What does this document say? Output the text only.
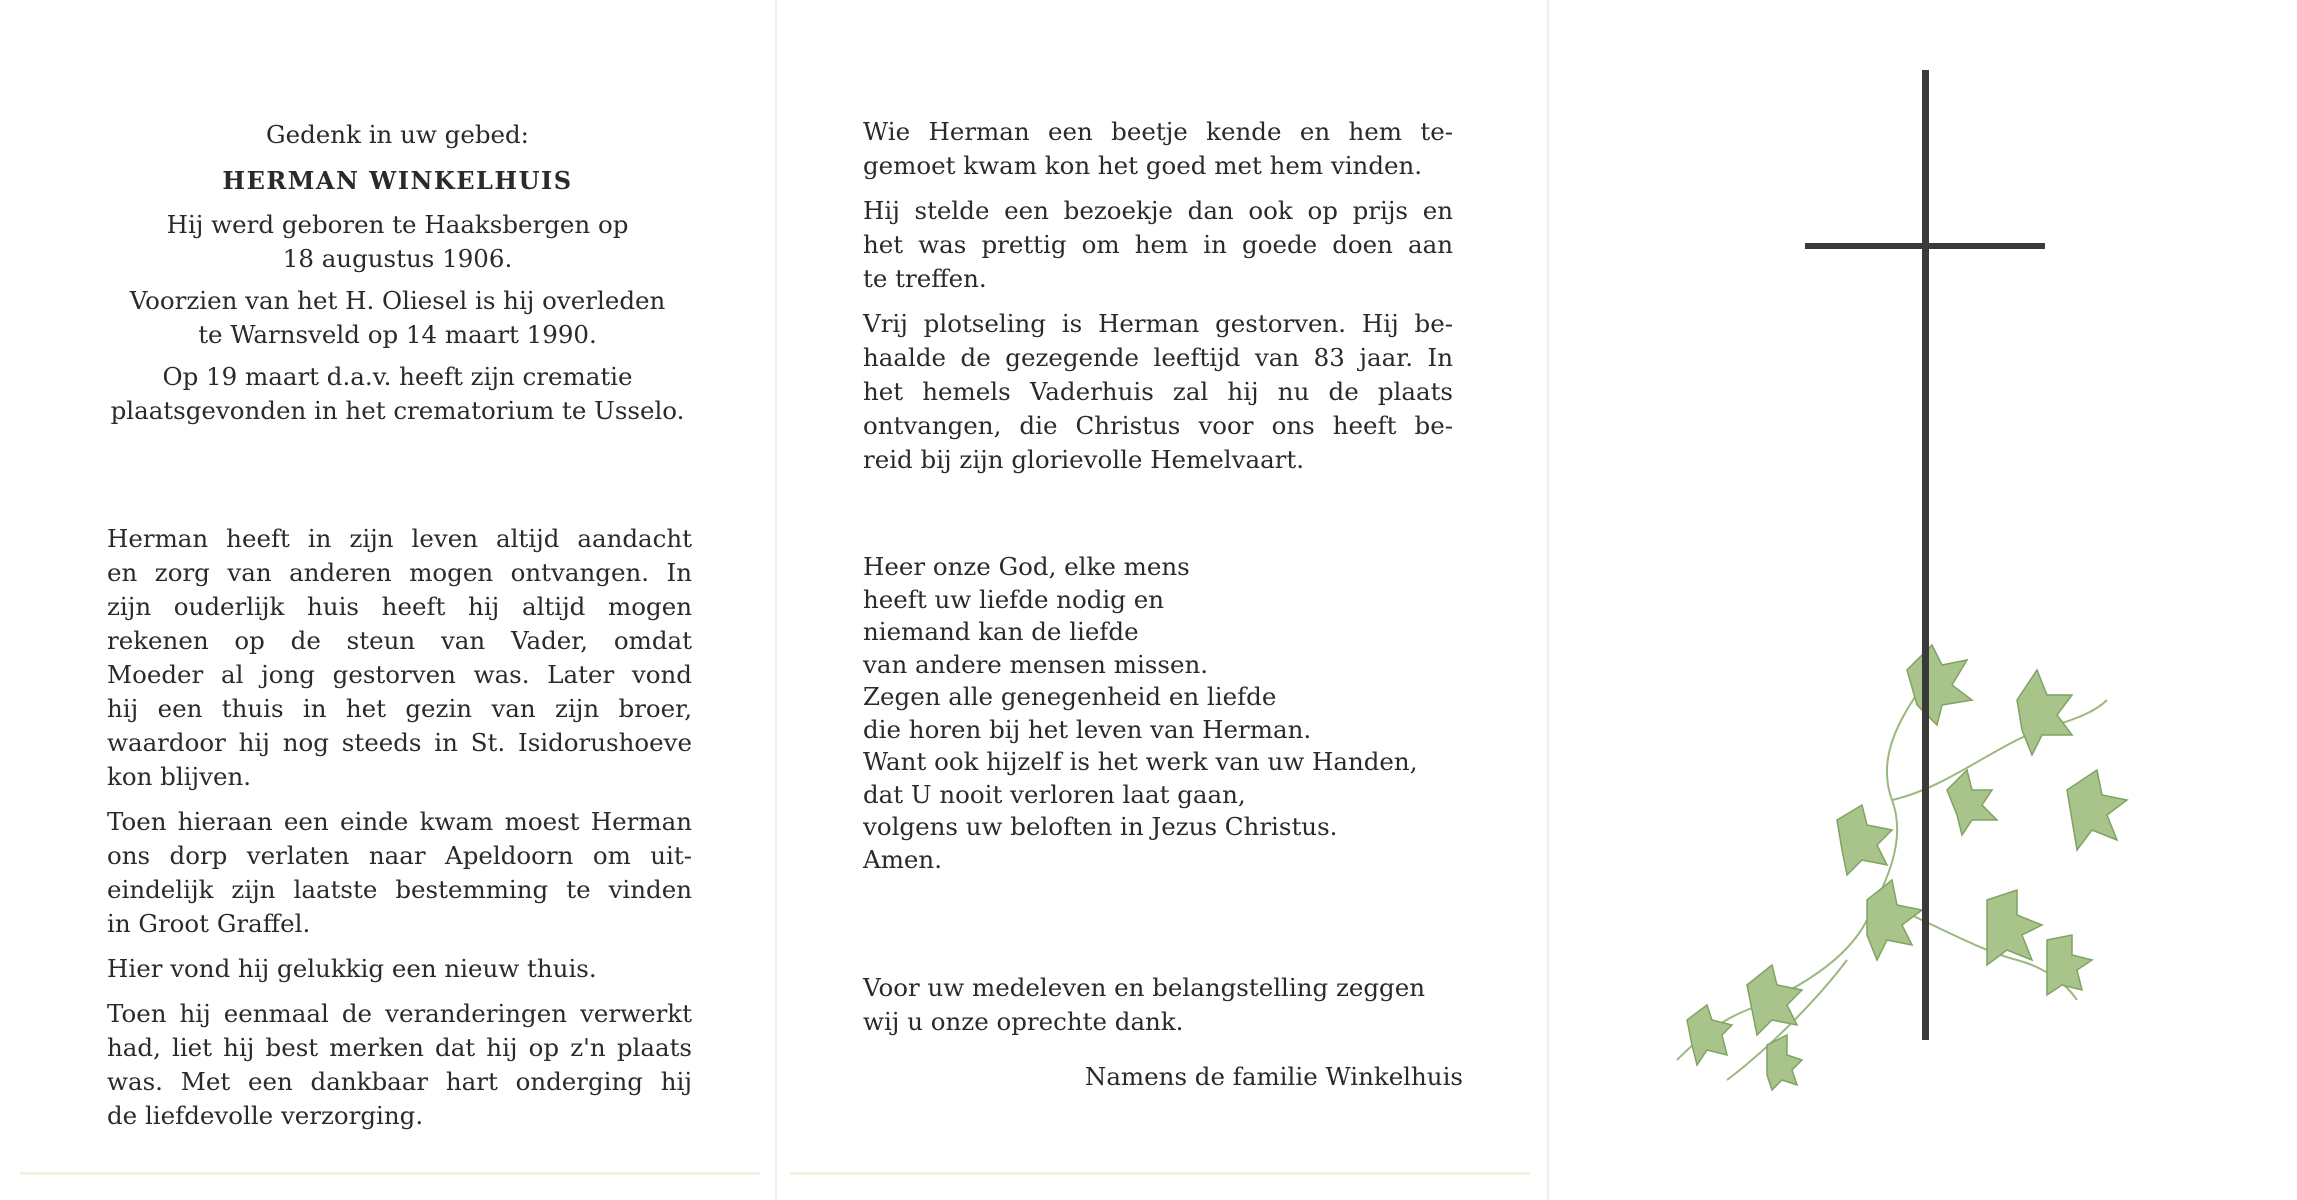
Gedenk in uw gebed:

HERMAN WINKELHUIS

Hij werd geboren te Haaksbergen op
18 augustus 1906.

Voorzien van het H. Oliesel is hij overleden
te Warnsveld op 14 maart 1990.

Op 19 maart d.a.v. heeft zijn crematie
plaatsgevonden in het crematorium te Usselo.

Herman heeft in zijn leven altijd aandacht
en zorg van anderen mogen ontvangen. In
zijn ouderlijk huis heeft hij altijd mogen
rekenen op de steun van Vader, omdat
Moeder al jong gestorven was. Later vond
hij een thuis in het gezin van zijn broer,
waardoor hij nog steeds in St. Isidorushoeve
kon blijven.

Toen hieraan een einde kwam moest Herman
ons dorp verlaten naar Apeldoorn om uit-
eindelijk zijn laatste bestemming te vinden
in Groot Graffel.

Hier vond hij gelukkig een nieuw thuis.

Toen hij eenmaal de veranderingen verwerkt
had, liet hij best merken dat hij op z'n plaats
was. Met een dankbaar hart onderging hij
de liefdevolle verzorging.

Wie Herman een beetje kende en hem te-
gemoet kwam kon het goed met hem vinden.

Hij stelde een bezoekje dan ook op prijs en
het was prettig om hem in goede doen aan
te treffen.

Vrij plotseling is Herman gestorven. Hij be-
haalde de gezegende leeftijd van 83 jaar. In
het hemels Vaderhuis zal hij nu de plaats
ontvangen, die Christus voor ons heeft be-
reid bij zijn glorievolle Hemelvaart.

Heer onze God, elke mens
heeft uw liefde nodig en
niemand kan de liefde
van andere mensen missen.
Zegen alle genegenheid en liefde
die horen bij het leven van Herman.
Want ook hijzelf is het werk van uw Handen,
dat U nooit verloren laat gaan,
volgens uw beloften in Jezus Christus.
Amen.
Voor uw medeleven en belangstelling zeggen
wij u onze oprechte dank.
Namens de familie Winkelhuis
